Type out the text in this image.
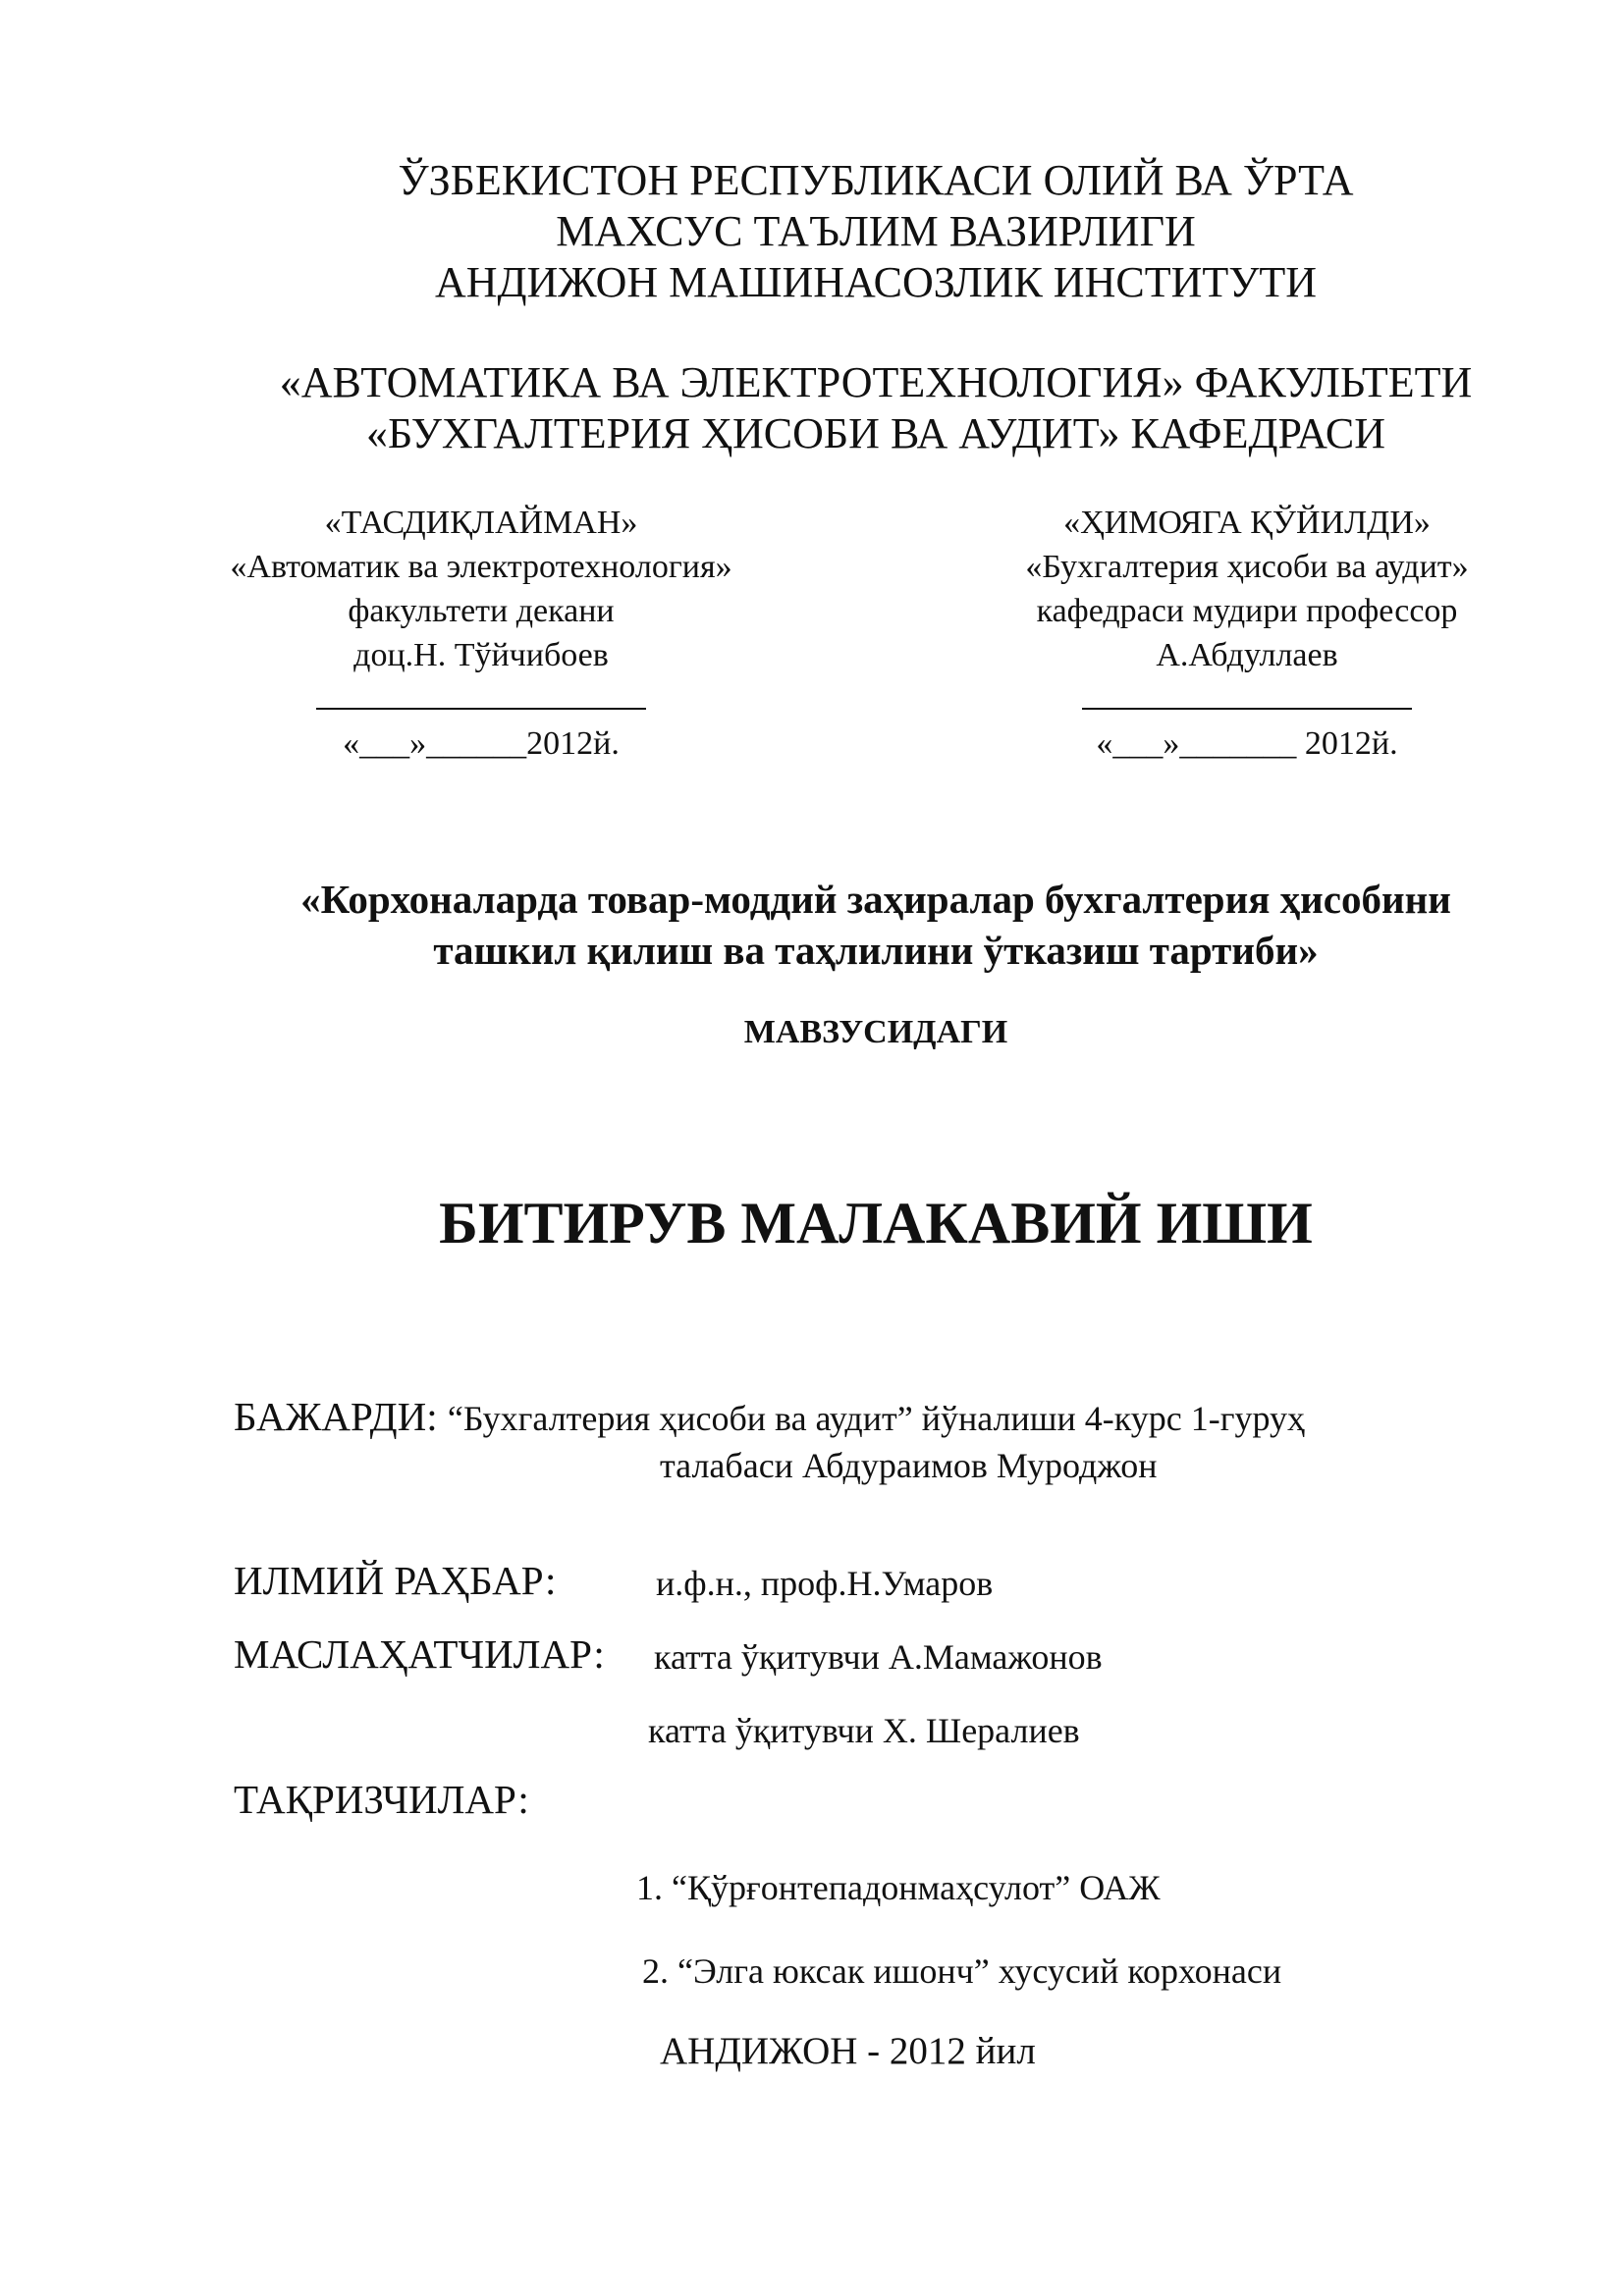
ЎЗБЕКИСТОН РЕСПУБЛИКАСИ ОЛИЙ ВА ЎРТА
МАХСУС ТАЪЛИМ ВАЗИРЛИГИ
АНДИЖОН МАШИНАСОЗЛИК ИНСТИТУТИ
«АВТОМАТИКА ВА ЭЛЕКТРОТЕХНОЛОГИЯ» ФАКУЛЬТЕТИ
«БУХГАЛТЕРИЯ ҲИСОБИ ВА АУДИТ» КАФЕДРАСИ
«ТАСДИҚЛАЙМАН»
«Автоматик ва электротехнология»
факультети декани
доц.Н. Тўйчибоев
«___»______2012й.
«ҲИМОЯГА ҚЎЙИЛДИ»
«Бухгалтерия ҳисоби ва аудит»
кафедраси мудири профессор
А.Абдуллаев
«___»_______ 2012й.
«Корхоналарда товар-моддий заҳиралар бухгалтерия ҳисобини
ташкил қилиш ва таҳлилини ўтказиш тартиби»
МАВЗУСИДАГИ
БИТИРУВ МАЛАКАВИЙ ИШИ
БАЖАРДИ: “Бухгалтерия ҳисоби ва аудит” йўналиши 4-курс 1-гуруҳ
талабаси Абдураимов Муроджон
ИЛМИЙ РАҲБАР:	и.ф.н., проф.Н.Умаров
МАСЛАҲАТЧИЛАР: катта ўқитувчи А.Мамажонов
катта ўқитувчи Х. Шералиев
ТАҚРИЗЧИЛАР:
1. “Қўрғонтепадонмаҳсулот” ОАЖ
2. “Элга юксак ишонч” хусусий корхонаси
АНДИЖОН - 2012 йил
